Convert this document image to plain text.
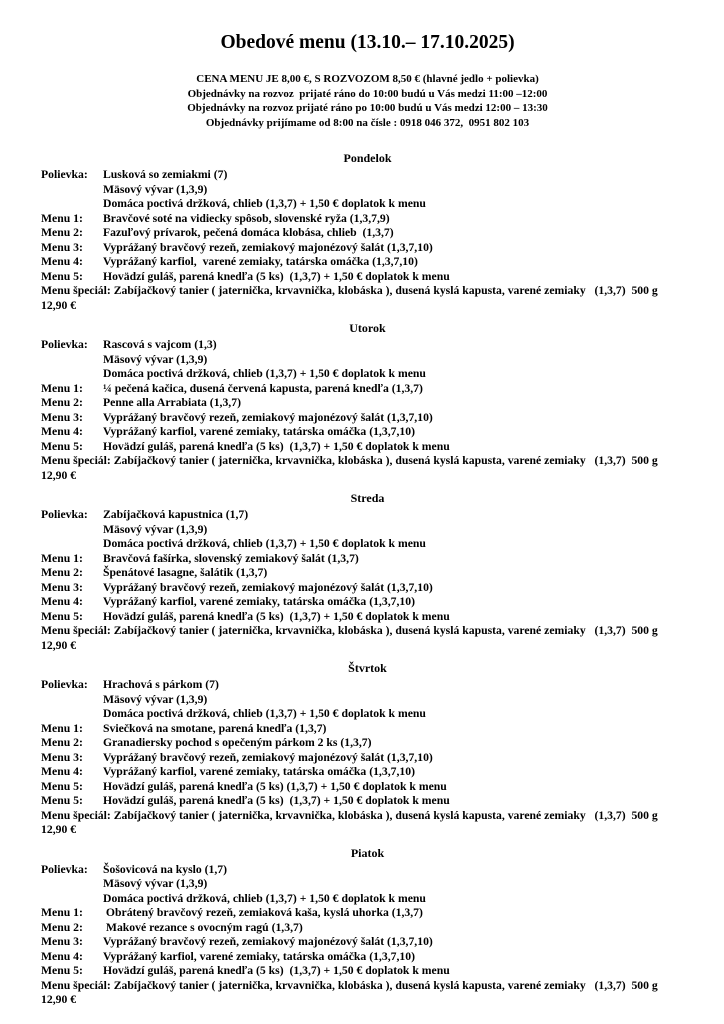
Obedové menu (13.10.– 17.10.2025)
CENA MENU JE 8,00 €, S ROZVOZOM 8,50 € (hlavné jedlo + polievka)
Objednávky na rozvoz  prijaté ráno do 10:00 budú u Vás medzi 11:00 –12:00
Objednávky na rozvoz prijaté ráno po 10:00 budú u Vás medzi 12:00 – 13:30
Objednávky prijímame od 8:00 na čísle : 0918 046 372,  0951 802 103
Pondelok
Polievka: Lusková so zemiakmi (7)
Mäsový vývar (1,3,9)
Domáca poctivá držková, chlieb (1,3,7) + 1,50 € doplatok k menu
Menu 1: Bravčové soté na vidiecky spôsob, slovenské ryža (1,3,7,9)
Menu 2: Fazuľový prívarok, pečená domáca klobása, chlieb  (1,3,7)
Menu 3: Vyprážaný bravčový rezeň, zemiakový majonézový šalát (1,3,7,10)
Menu 4: Vyprážaný karfiol,  varené zemiaky, tatárska omáčka (1,3,7,10)
Menu 5: Hovädzí guláš, parená knedľa (5 ks)  (1,3,7) + 1,50 € doplatok k menu
Menu špeciál: Zabíjačkový tanier ( jaternička, krvavnička, klobáska ), dusená kyslá kapusta, varené zemiaky   (1,3,7)  500 g
12,90 €
Utorok
Polievka: Rascová s vajcom (1,3)
Mäsový vývar (1,3,9)
Domáca poctivá držková, chlieb (1,3,7) + 1,50 € doplatok k menu
Menu 1: ¼ pečená kačica, dusená červená kapusta, parená knedľa (1,3,7)
Menu 2: Penne alla Arrabiata (1,3,7)
Menu 3: Vyprážaný bravčový rezeň, zemiakový majonézový šalát (1,3,7,10)
Menu 4: Vyprážaný karfiol, varené zemiaky, tatárska omáčka (1,3,7,10)
Menu 5: Hovädzí guláš, parená knedľa (5 ks)  (1,3,7) + 1,50 € doplatok k menu
Menu špeciál: Zabíjačkový tanier ( jaternička, krvavnička, klobáska ), dusená kyslá kapusta, varené zemiaky   (1,3,7)  500 g
12,90 €
Streda
Polievka: Zabíjačková kapustnica (1,7)
Mäsový vývar (1,3,9)
Domáca poctivá držková, chlieb (1,3,7) + 1,50 € doplatok k menu
Menu 1: Bravčová fašírka, slovenský zemiakový šalát (1,3,7)
Menu 2: Špenátové lasagne, šalátik (1,3,7)
Menu 3: Vyprážaný bravčový rezeň, zemiakový majonézový šalát (1,3,7,10)
Menu 4: Vyprážaný karfiol, varené zemiaky, tatárska omáčka (1,3,7,10)
Menu 5: Hovädzí guláš, parená knedľa (5 ks)  (1,3,7) + 1,50 € doplatok k menu
Menu špeciál: Zabíjačkový tanier ( jaternička, krvavnička, klobáska ), dusená kyslá kapusta, varené zemiaky   (1,3,7)  500 g
12,90 €
Štvrtok
Polievka: Hrachová s párkom (7)
Mäsový vývar (1,3,9)
Domáca poctivá držková, chlieb (1,3,7) + 1,50 € doplatok k menu
Menu 1: Sviečková na smotane, parená knedľa (1,3,7)
Menu 2: Granadiersky pochod s opečeným párkom 2 ks (1,3,7)
Menu 3: Vyprážaný bravčový rezeň, zemiakový majonézový šalát (1,3,7,10)
Menu 4: Vyprážaný karfiol, varené zemiaky, tatárska omáčka (1,3,7,10)
Menu 5: Hovädzí guláš, parená knedľa (5 ks) (1,3,7) + 1,50 € doplatok k menu
Menu 5: Hovädzí guláš, parená knedľa (5 ks)  (1,3,7) + 1,50 € doplatok k menu
Menu špeciál: Zabíjačkový tanier ( jaternička, krvavnička, klobáska ), dusená kyslá kapusta, varené zemiaky   (1,3,7)  500 g
12,90 €
Piatok
Polievka: Šošovicová na kyslo (1,7)
Mäsový vývar (1,3,9)
Domáca poctivá držková, chlieb (1,3,7) + 1,50 € doplatok k menu
Menu 1: Obrátený bravčový rezeň, zemiaková kaša, kyslá uhorka (1,3,7)
Menu 2: Makové rezance s ovocným ragú (1,3,7)
Menu 3: Vyprážaný bravčový rezeň, zemiakový majonézový šalát (1,3,7,10)
Menu 4: Vyprážaný karfiol, varené zemiaky, tatárska omáčka (1,3,7,10)
Menu 5: Hovädzí guláš, parená knedľa (5 ks)  (1,3,7) + 1,50 € doplatok k menu
Menu špeciál: Zabíjačkový tanier ( jaternička, krvavnička, klobáska ), dusená kyslá kapusta, varené zemiaky   (1,3,7)  500 g
12,90 €
